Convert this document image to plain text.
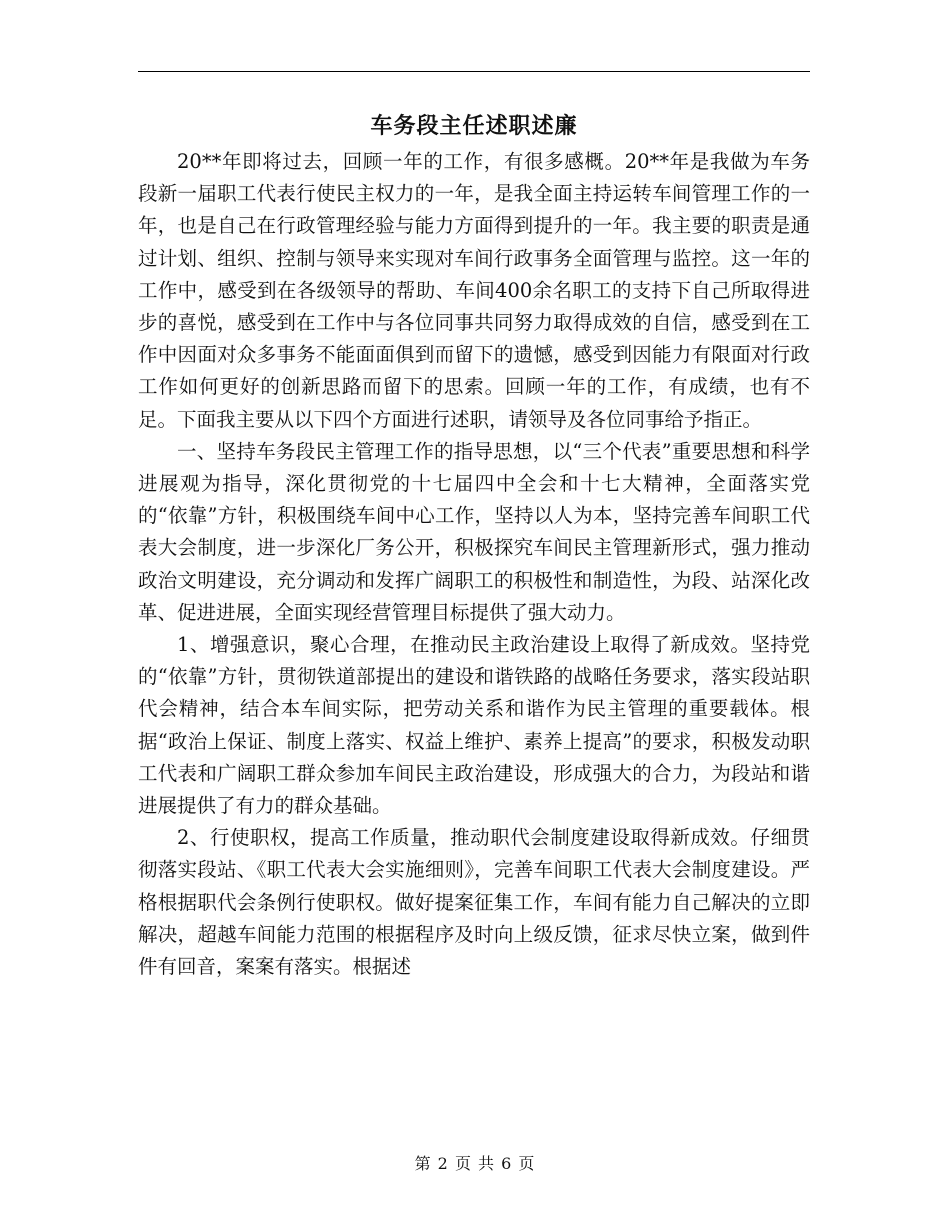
车务段主任述职述廉

20**年即将过去，回顾一年的工作，有很多感概。20**年是我做为车务段新一届职工代表行使民主权力的一年，是我全面主持运转车间管理工作的一年，也是自己在行政管理经验与能力方面得到提升的一年。我主要的职责是通过计划、组织、控制与领导来实现对车间行政事务全面管理与监控。这一年的工作中，感受到在各级领导的帮助、车间400余名职工的支持下自己所取得进步的喜悦，感受到在工作中与各位同事共同努力取得成效的自信，感受到在工作中因面对众多事务不能面面俱到而留下的遗憾，感受到因能力有限面对行政工作如何更好的创新思路而留下的思索。回顾一年的工作，有成绩，也有不足。下面我主要从以下四个方面进行述职，请领导及各位同事给予指正。

一、坚持车务段民主管理工作的指导思想，以“三个代表”重要思想和科学进展观为指导，深化贯彻党的十七届四中全会和十七大精神，全面落实党的“依靠”方针，积极围绕车间中心工作，坚持以人为本，坚持完善车间职工代表大会制度，进一步深化厂务公开，积极探究车间民主管理新形式，强力推动政治文明建设，充分调动和发挥广阔职工的积极性和制造性，为段、站深化改革、促进进展，全面实现经营管理目标提供了强大动力。

1、增强意识，聚心合理，在推动民主政治建设上取得了新成效。坚持党的“依靠”方针，贯彻铁道部提出的建设和谐铁路的战略任务要求，落实段站职代会精神，结合本车间实际，把劳动关系和谐作为民主管理的重要载体。根据“政治上保证、制度上落实、权益上维护、素养上提高”的要求，积极发动职工代表和广阔职工群众参加车间民主政治建设，形成强大的合力，为段站和谐进展提供了有力的群众基础。

2、行使职权，提高工作质量，推动职代会制度建设取得新成效。仔细贯彻落实段站、《职工代表大会实施细则》，完善车间职工代表大会制度建设。严格根据职代会条例行使职权。做好提案征集工作，车间有能力自己解决的立即解决，超越车间能力范围的根据程序及时向上级反馈，征求尽快立案，做到件件有回音，案案有落实。根据述

第 2 页 共 6 页
